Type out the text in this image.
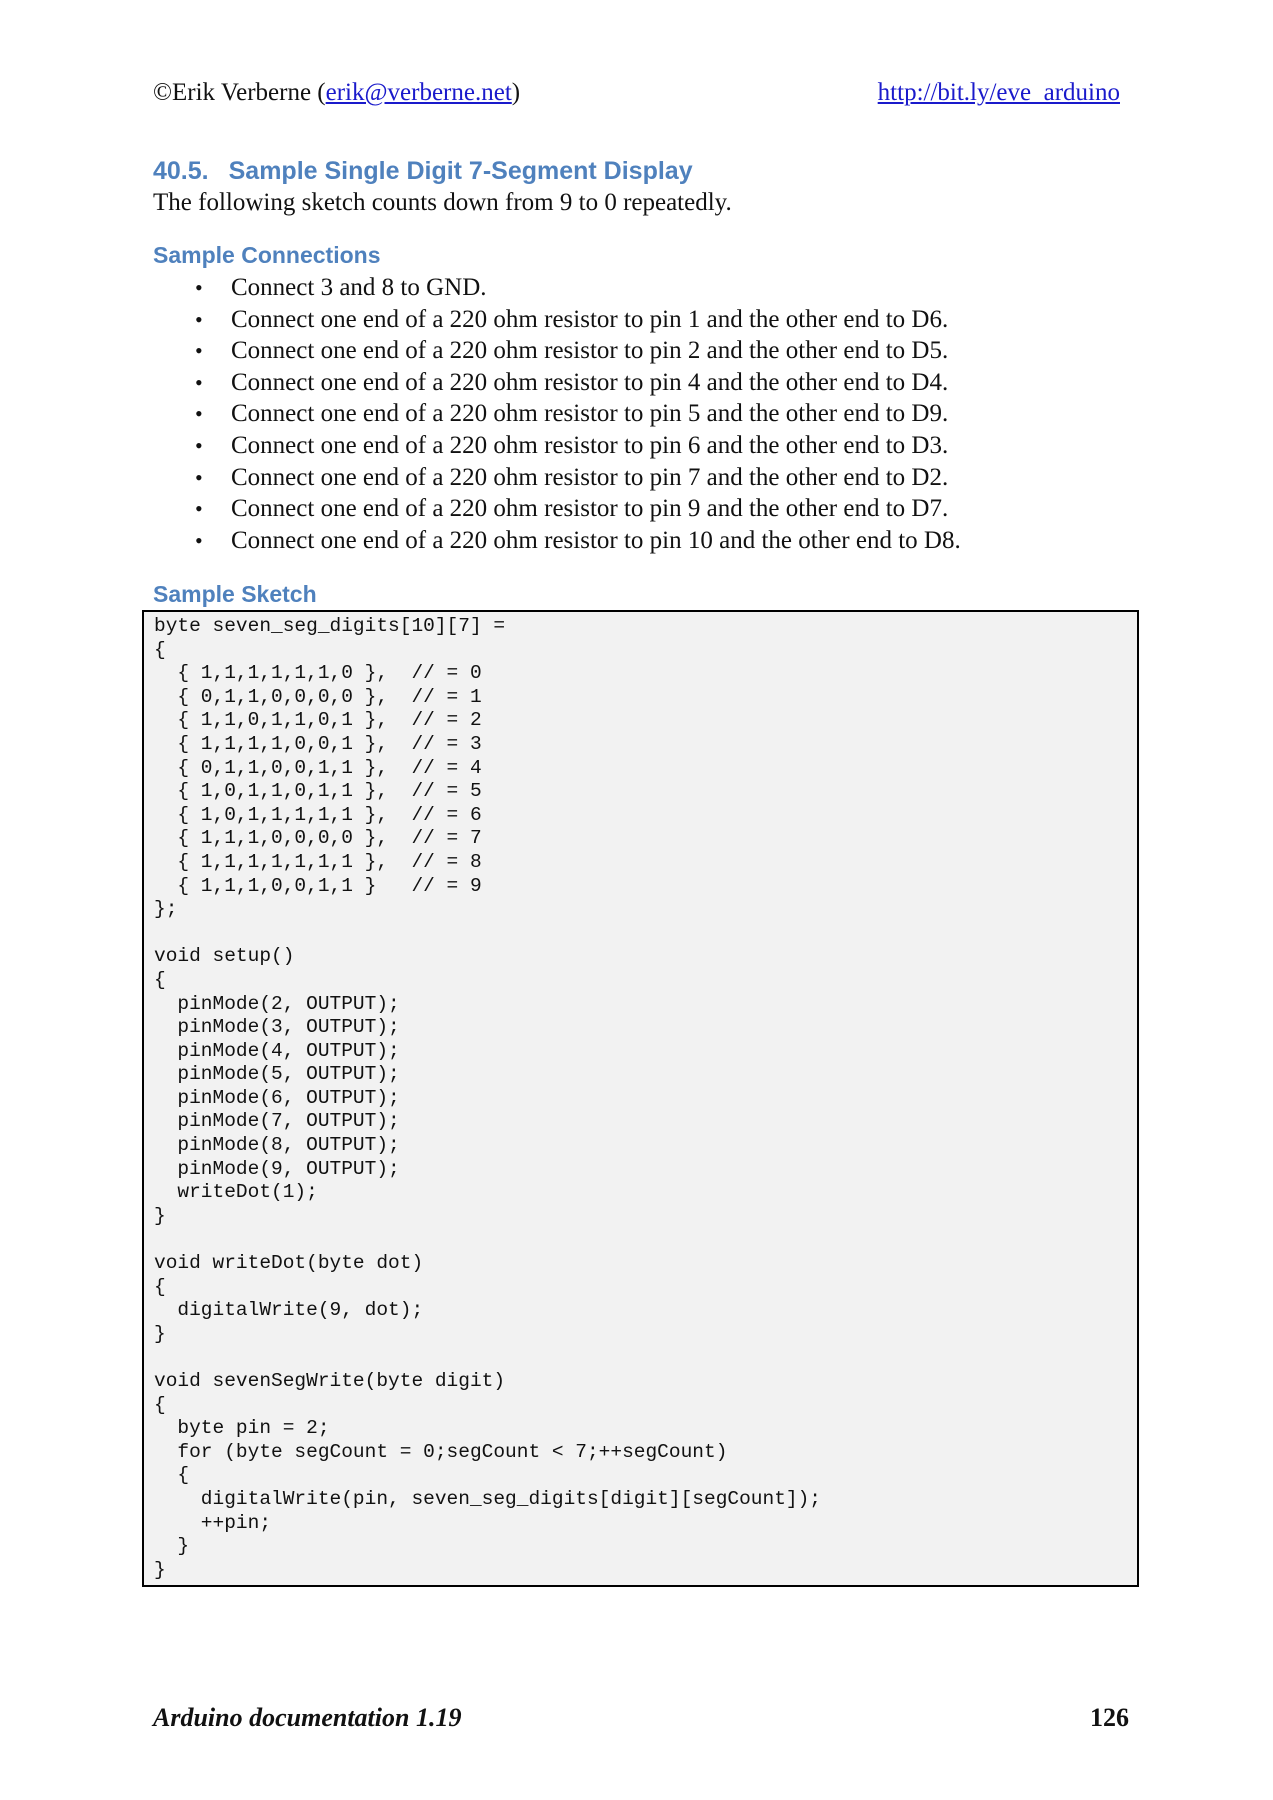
©Erik Verberne (erik@verberne.net)	http://bit.ly/eve_arduino
40.5. Sample Single Digit 7-Segment Display
The following sketch counts down from 9 to 0 repeatedly.
Sample Connections
• Connect 3 and 8 to GND.
• Connect one end of a 220 ohm resistor to pin 1 and the other end to D6.
• Connect one end of a 220 ohm resistor to pin 2 and the other end to D5.
• Connect one end of a 220 ohm resistor to pin 4 and the other end to D4.
• Connect one end of a 220 ohm resistor to pin 5 and the other end to D9.
• Connect one end of a 220 ohm resistor to pin 6 and the other end to D3.
• Connect one end of a 220 ohm resistor to pin 7 and the other end to D2.
• Connect one end of a 220 ohm resistor to pin 9 and the other end to D7.
• Connect one end of a 220 ohm resistor to pin 10 and the other end to D8.
Sample Sketch
byte seven_seg_digits[10][7] =
{
{ 1,1,1,1,1,1,0 },  // = 0
{ 0,1,1,0,0,0,0 },  // = 1
{ 1,1,0,1,1,0,1 },  // = 2
{ 1,1,1,1,0,0,1 },  // = 3
{ 0,1,1,0,0,1,1 },  // = 4
{ 1,0,1,1,0,1,1 },  // = 5
{ 1,0,1,1,1,1,1 },  // = 6
{ 1,1,1,0,0,0,0 },  // = 7
{ 1,1,1,1,1,1,1 },  // = 8
{ 1,1,1,0,0,1,1 }   // = 9
};

void setup()
{
pinMode(2, OUTPUT);
pinMode(3, OUTPUT);
pinMode(4, OUTPUT);
pinMode(5, OUTPUT);
pinMode(6, OUTPUT);
pinMode(7, OUTPUT);
pinMode(8, OUTPUT);
pinMode(9, OUTPUT);
writeDot(1);
}

void writeDot(byte dot)
{
digitalWrite(9, dot);
}

void sevenSegWrite(byte digit)
{
byte pin = 2;
for (byte segCount = 0;segCount < 7;++segCount)
{
digitalWrite(pin, seven_seg_digits[digit][segCount]);
++pin;
}
}
Arduino documentation 1.19	126
